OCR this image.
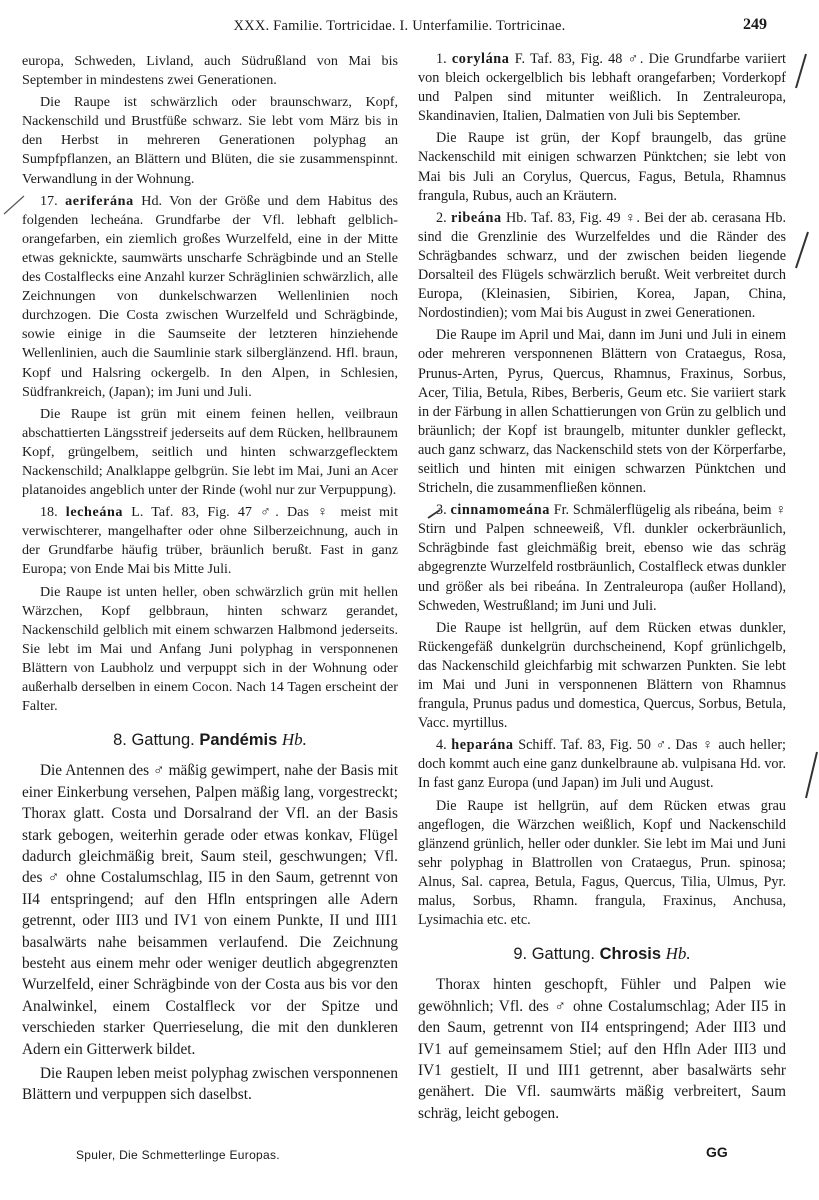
XXX. Familie. Tortricidae. I. Unterfamilie. Tortricinae.	249

europa, Schweden, Livland, auch Südrußland von Mai bis September in mindestens zwei Generationen.

Die Raupe ist schwärzlich oder braunschwarz, Kopf, Nackenschild und Brustfüße schwarz. Sie lebt vom März bis in den Herbst in mehreren Generationen polyphag an Sumpfpflanzen, an Blättern und Blüten, die sie zusammenspinnt. Verwandlung in der Wohnung.

17. aeriferána Hd. Von der Größe und dem Habitus des folgenden lecheána. Grundfarbe der Vfl. lebhaft gelblich-orangefarben, ein ziemlich großes Wurzelfeld, eine in der Mitte etwas geknickte, saumwärts unscharfe Schrägbinde und an Stelle des Costalflecks eine Anzahl kurzer Schräglinien schwärzlich, alle Zeichnungen von dunkelschwarzen Wellenlinien noch durchzogen. Die Costa zwischen Wurzelfeld und Schrägbinde, sowie einige in die Saumseite der letzteren hinziehende Wellenlinien, auch die Saumlinie stark silberglänzend. Hfl. braun, Kopf und Halsring ockergelb. In den Alpen, in Schlesien, Südfrankreich, (Japan); im Juni und Juli.

Die Raupe ist grün mit einem feinen hellen, veilbraun abschattierten Längsstreif jederseits auf dem Rücken, hellbraunem Kopf, grüngelbem, seitlich und hinten schwarzgeflecktem Nackenschild; Analklappe gelbgrün. Sie lebt im Mai, Juni an Acer platanoides angeblich unter der Rinde (wohl nur zur Verpuppung).

18. lecheána L. Taf. 83, Fig. 47 ♂. Das ♀ meist mit verwischterer, mangelhafter oder ohne Silberzeichnung, auch in der Grundfarbe häufig trüber, bräunlich berußt. Fast in ganz Europa; von Ende Mai bis Mitte Juli.

Die Raupe ist unten heller, oben schwärzlich grün mit hellen Wärzchen, Kopf gelbbraun, hinten schwarz gerandet, Nackenschild gelblich mit einem schwarzen Halbmond jederseits. Sie lebt im Mai und Anfang Juni polyphag in versponnenen Blättern von Laubholz und verpuppt sich in der Wohnung oder außerhalb derselben in einem Cocon. Nach 14 Tagen erscheint der Falter.

8. Gattung. Pandémis Hb.

Die Antennen des ♂ mäßig gewimpert, nahe der Basis mit einer Einkerbung versehen, Palpen mäßig lang, vorgestreckt; Thorax glatt. Costa und Dorsalrand der Vfl. an der Basis stark gebogen, weiterhin gerade oder etwas konkav, Flügel dadurch gleichmäßig breit, Saum steil, geschwungen; Vfl. des ♂ ohne Costalumschlag, II5 in den Saum, getrennt von II4 entspringend; auf den Hfln entspringen alle Adern getrennt, oder III3 und IV1 von einem Punkte, II und III1 basalwärts nahe beisammen verlaufend. Die Zeichnung besteht aus einem mehr oder weniger deutlich abgegrenzten Wurzelfeld, einer Schrägbinde von der Costa aus bis vor den Analwinkel, einem Costalfleck vor der Spitze und verschieden starker Querrieselung, die mit den dunkleren Adern ein Gitterwerk bildet.

Die Raupen leben meist polyphag zwischen versponnenen Blättern und verpuppen sich daselbst.

1. corylána F. Taf. 83, Fig. 48 ♂. Die Grundfarbe variiert von bleich ockergelblich bis lebhaft orangefarben; Vorderkopf und Palpen sind mitunter weißlich. In Zentraleuropa, Skandinavien, Italien, Dalmatien von Juli bis September.

Die Raupe ist grün, der Kopf braungelb, das grüne Nackenschild mit einigen schwarzen Pünktchen; sie lebt von Mai bis Juli an Corylus, Quercus, Fagus, Betula, Rhamnus frangula, Rubus, auch an Kräutern.

2. ribeána Hb. Taf. 83, Fig. 49 ♀. Bei der ab. cerasana Hb. sind die Grenzlinie des Wurzelfeldes und die Ränder des Schrägbandes schwarz, und der zwischen beiden liegende Dorsalteil des Flügels schwärzlich berußt. Weit verbreitet durch Europa, (Kleinasien, Sibirien, Korea, Japan, China, Nordostindien); vom Mai bis August in zwei Generationen.

Die Raupe im April und Mai, dann im Juni und Juli in einem oder mehreren versponnenen Blättern von Crataegus, Rosa, Prunus-Arten, Pyrus, Quercus, Rhamnus, Fraxinus, Sorbus, Acer, Tilia, Betula, Ribes, Berberis, Geum etc. Sie variiert stark in der Färbung in allen Schattierungen von Grün zu gelblich und bräunlich; der Kopf ist braungelb, mitunter dunkler gefleckt, auch ganz schwarz, das Nackenschild stets von der Körperfarbe, seitlich und hinten mit einigen schwarzen Pünktchen und Stricheln, die zusammenfließen können.

3. cinnamomeána Fr. Schmälerflügelig als ribeána, beim ♀ Stirn und Palpen schneeweiß, Vfl. dunkler ockerbräunlich, Schrägbinde fast gleichmäßig breit, ebenso wie das schräg abgegrenzte Wurzelfeld rostbräunlich, Costalfleck etwas dunkler und größer als bei ribeána. In Zentraleuropa (außer Holland), Schweden, Westrußland; im Juni und Juli.

Die Raupe ist hellgrün, auf dem Rücken etwas dunkler, Rückengefäß dunkelgrün durchscheinend, Kopf grünlichgelb, das Nackenschild gleichfarbig mit schwarzen Punkten. Sie lebt im Mai und Juni in versponnenen Blättern von Rhamnus frangula, Prunus padus und domestica, Quercus, Sorbus, Betula, Vacc. myrtillus.

4. heparána Schiff. Taf. 83, Fig. 50 ♂. Das ♀ auch heller; doch kommt auch eine ganz dunkelbraune ab. vulpisana Hd. vor. In fast ganz Europa (und Japan) im Juli und August.

Die Raupe ist hellgrün, auf dem Rücken etwas grau angeflogen, die Wärzchen weißlich, Kopf und Nackenschild glänzend grünlich, heller oder dunkler. Sie lebt im Mai und Juni sehr polyphag in Blattrollen von Crataegus, Prun. spinosa; Alnus, Sal. caprea, Betula, Fagus, Quercus, Tilia, Ulmus, Pyr. malus, Sorbus, Rhamn. frangula, Fraxinus, Anchusa, Lysimachia etc. etc.

9. Gattung. Chrosis Hb.

Thorax hinten geschopft, Fühler und Palpen wie gewöhnlich; Vfl. des ♂ ohne Costalumschlag; Ader II5 in den Saum, getrennt von II4 entspringend; Ader III3 und IV1 auf gemeinsamem Stiel; auf den Hfln Ader III3 und IV1 gestielt, II und III1 getrennt, aber basalwärts sehr genähert. Die Vfl. saumwärts mäßig verbreitert, Saum schräg, leicht gebogen.

Spuler, Die Schmetterlinge Europas.	GG
